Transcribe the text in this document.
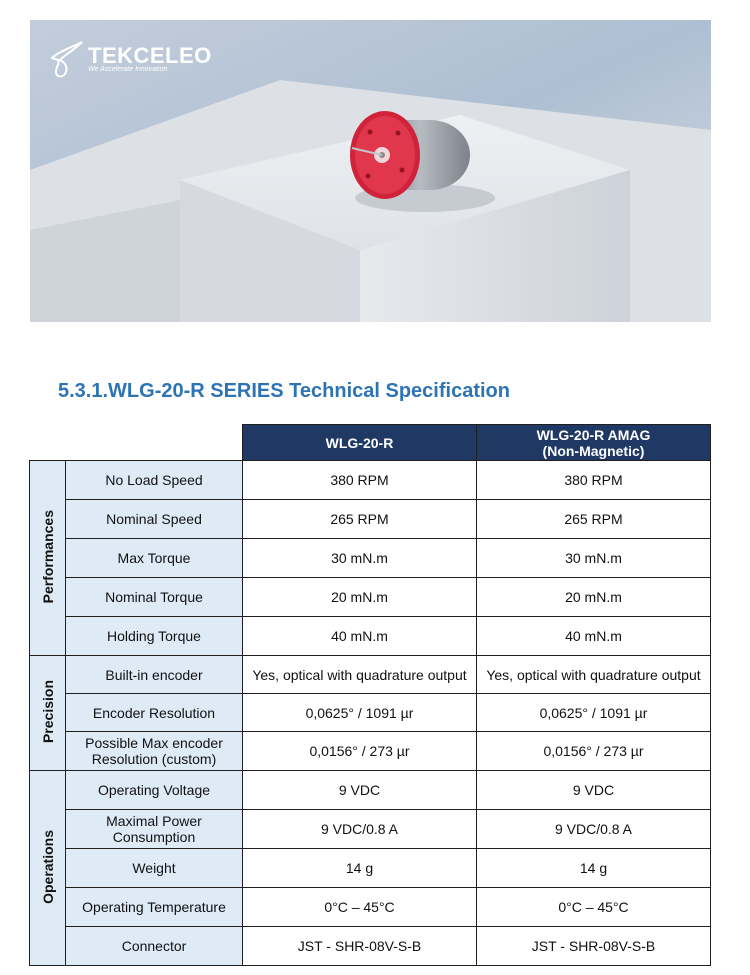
TEKCELEO
We Accelerate Innovation
5.3.1.WLG-20-R SERIES Technical Specification
		WLG-20-R	WLG-20-R AMAG
(Non-Magnetic)
Performances	No Load Speed	380 RPM	380 RPM
	Nominal Speed	265 RPM	265 RPM
	Max Torque	30 mN.m	30 mN.m
	Nominal Torque	20 mN.m	20 mN.m
	Holding Torque	40 mN.m	40 mN.m
Precision	Built-in encoder	Yes, optical with quadrature output	Yes, optical with quadrature output
	Encoder Resolution	0,0625° / 1091 µr	0,0625° / 1091 µr
	Possible Max encoder Resolution (custom)	0,0156° / 273 µr	0,0156° / 273 µr
Operations	Operating Voltage	9 VDC	9 VDC
	Maximal Power Consumption	9 VDC/0.8 A	9 VDC/0.8 A
	Weight	14 g	14 g
	Operating Temperature	0°C – 45°C	0°C – 45°C
	Connector	JST - SHR-08V-S-B	JST - SHR-08V-S-B
